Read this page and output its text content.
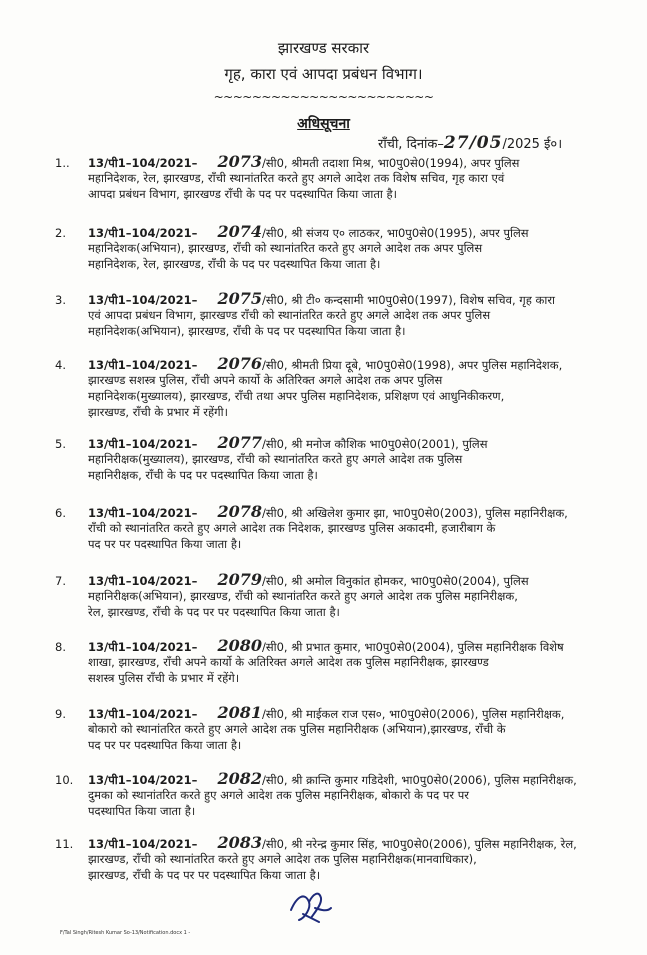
झारखण्ड सरकार
गृह, कारा एवं आपदा प्रबंधन विभाग।
~~~~~~~~~~~~~~~~~~~~~~~
अधिसूचना
राँची, दिनांक–27/05/2025 ई०।
1.. 13/पी1–104/2021– 2073/सी0, श्रीमती तदाशा मिश्र, भा0पु0से0(1994), अपर पुलिस
महानिदेशक, रेल, झारखण्ड, राँची स्थानांतरित करते हुए अगले आदेश तक विशेष सचिव, गृह कारा एवं
आपदा प्रबंधन विभाग, झारखण्ड राँची के पद पर पदस्थापित किया जाता है।
2. 13/पी1–104/2021– 2074/सी0, श्री संजय ए० लाठकर, भा0पु0से0(1995), अपर पुलिस
महानिदेशक(अभियान), झारखण्ड, राँची को स्थानांतरित करते हुए अगले आदेश तक अपर पुलिस
महानिदेशक, रेल, झारखण्ड, राँची के पद पर पदस्थापित किया जाता है।
3. 13/पी1–104/2021– 2075/सी0, श्री टी० कन्दसामी भा0पु0से0(1997), विशेष सचिव, गृह कारा
एवं आपदा प्रबंधन विभाग, झारखण्ड राँची को स्थानांतरित करते हुए अगले आदेश तक अपर पुलिस
महानिदेशक(अभियान), झारखण्ड, राँची के पद पर पदस्थापित किया जाता है।
4. 13/पी1–104/2021– 2076/सी0, श्रीमती प्रिया दूबे, भा0पु0से0(1998), अपर पुलिस महानिदेशक,
झारखण्ड सशस्त्र पुलिस, राँची अपने कार्यो के अतिरिक्त अगले आदेश तक अपर पुलिस
महानिदेशक(मुख्यालय), झारखण्ड, राँची तथा अपर पुलिस महानिदेशक, प्रशिक्षण एवं आधुनिकीकरण,
झारखण्ड, राँची के प्रभार में रहेंगी।
5. 13/पी1–104/2021– 2077/सी0, श्री मनोज कौशिक भा0पु0से0(2001), पुलिस
महानिरीक्षक(मुख्यालय), झारखण्ड, राँची को स्थानांतरित करते हुए अगले आदेश तक पुलिस
महानिरीक्षक, राँची के पद पर पदस्थापित किया जाता है।
6. 13/पी1–104/2021– 2078/सी0, श्री अखिलेश कुमार झा, भा0पु0से0(2003), पुलिस महानिरीक्षक,
राँची को स्थानांतरित करते हुए अगले आदेश तक निदेशक, झारखण्ड पुलिस अकादमी, हजारीबाग के
पद पर पर पदस्थापित किया जाता है।
7. 13/पी1–104/2021– 2079/सी0, श्री अमोल विनुकांत होमकर, भा0पु0से0(2004), पुलिस
महानिरीक्षक(अभियान), झारखण्ड, राँची को स्थानांतरित करते हुए अगले आदेश तक पुलिस महानिरीक्षक,
रेल, झारखण्ड, राँची के पद पर पर पदस्थापित किया जाता है।
8. 13/पी1–104/2021– 2080/सी0, श्री प्रभात कुमार, भा0पु0से0(2004), पुलिस महानिरीक्षक विशेष
शाखा, झारखण्ड, राँची अपने कार्यो के अतिरिक्त अगले आदेश तक पुलिस महानिरीक्षक, झारखण्ड
सशस्त्र पुलिस राँची के प्रभार में रहेंगे।
9. 13/पी1–104/2021– 2081/सी0, श्री माईकल राज एस०, भा0पु0से0(2006), पुलिस महानिरीक्षक,
बोकारो को स्थानांतरित करते हुए अगले आदेश तक पुलिस महानिरीक्षक (अभियान),झारखण्ड, राँची के
पद पर पर पदस्थापित किया जाता है।
10. 13/पी1–104/2021– 2082/सी0, श्री क्रान्ति कुमार गडिदेशी, भा0पु0से0(2006), पुलिस महानिरीक्षक,
दुमका को स्थानांतरित करते हुए अगले आदेश तक पुलिस महानिरीक्षक, बोकारो के पद पर पर
पदस्थापित किया जाता है।
11. 13/पी1–104/2021– 2083/सी0, श्री नरेन्द्र कुमार सिंह, भा0पु0से0(2006), पुलिस महानिरीक्षक, रेल,
झारखण्ड, राँची को स्थानांतरित करते हुए अगले आदेश तक पुलिस महानिरीक्षक(मानवाधिकार),
झारखण्ड, राँची के पद पर पर पदस्थापित किया जाता है।
F/Tal Singh/Ritesh Kumar So-13/Notification.docx 1 -
